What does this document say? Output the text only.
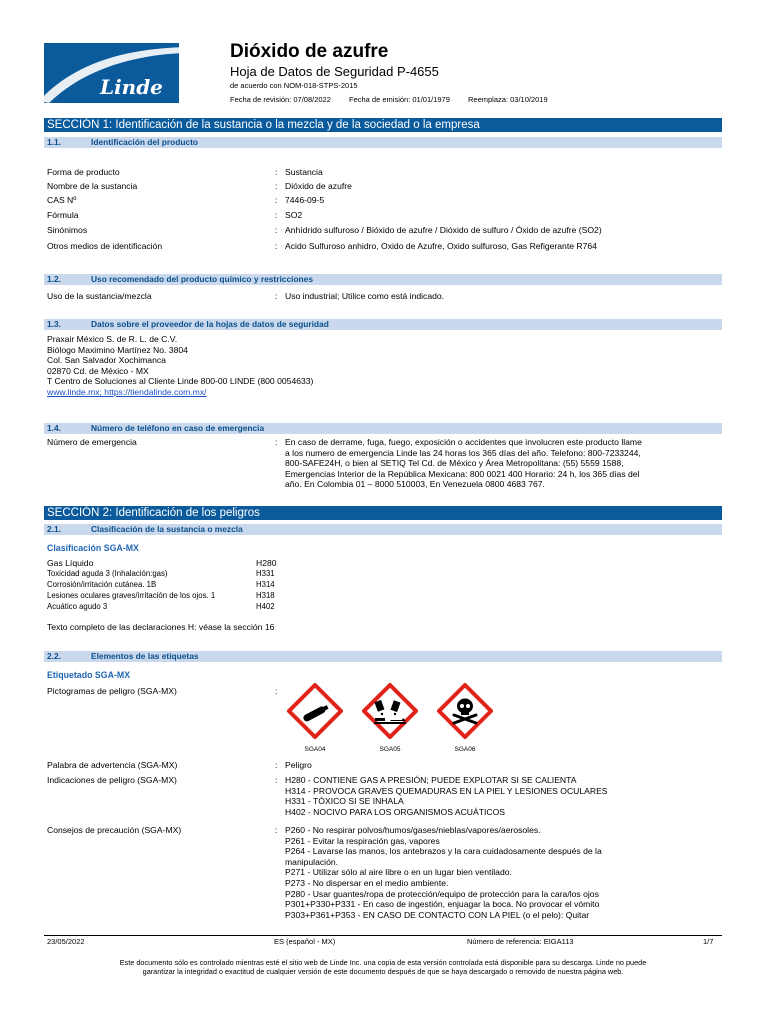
Linde
Dióxido de azufre
Hoja de Datos de Seguridad P-4655
de acuerdo con NOM-018-STPS-2015
Fecha de revisión: 07/08/2022 Fecha de emisión: 01/01/1979 Reemplaza: 03/10/2019
SECCIÓN 1: Identificación de la sustancia o la mezcla y de la sociedad o la empresa
1.1.	Identificación del producto
Forma de producto	: Sustancia
Nombre de la sustancia	: Dióxido de azufre
CAS Nº	: 7446-09-5
Fórmula	: SO2
Sinónimos	: Anhídrido sulfuroso / Bióxido de azufre / Dióxido de sulfuro / Óxido de azufre (SO2)
Otros medios de identificación	: Acido Sulfuroso anhidro, Oxido de Azufre, Oxido sulfuroso, Gas Refigerante R764
1.2.	Uso recomendado del producto químico y restricciones
Uso de la sustancia/mezcla	: Uso industrial; Utilice como está indicado.
1.3.	Datos sobre el proveedor de la hojas de datos de seguridad
Praxair México S. de R. L. de C.V.
Biólogo Maximino Martínez No. 3804
Col. San Salvador Xochimanca
02870 Cd. de México - MX
T Centro de Soluciones al Cliente Linde 800-00 LINDE (800 0054633)
www.linde.mx; https://tiendalinde.com.mx/
1.4.	Número de teléfono en caso de emergencia
Número de emergencia	: En caso de derrame, fuga, fuego, exposición o accidentes que involucren este producto llame
a los numero de emergencia Linde las 24 horas los 365 días del año. Telefono: 800-7233244,
800-SAFE24H, o bien al SETIQ Tel Cd. de México y Área Metropolitana: (55) 5559 1588,
Emergencias Interior de la República Mexicana: 800 0021 400 Horario: 24 h, los 365 días del
año. En Colombia 01 – 8000 510003, En Venezuela 0800 4683 767.
SECCIÓN 2: Identificación de los peligros
2.1.	Clasificación de la sustancia o mezcla
Clasificación SGA-MX
Gas Líquido	H280
Toxicidad aguda 3 (Inhalación:gas)	H331
Corrosión/irritación cutánea. 1B	H314
Lesiones oculares graves/irritación de los ojos. 1	H318
Acuático agudo 3	H402
Texto completo de las declaraciones H: véase la sección 16
2.2.	Elementos de las etiquetas
Etiquetado SGA-MX
Pictogramas de peligro (SGA-MX)	:
SGA04	SGA05	SGA06
Palabra de advertencia (SGA-MX)	: Peligro
Indicaciones de peligro (SGA-MX)	: H280 - CONTIENE GAS A PRESIÓN; PUEDE EXPLOTAR SI SE CALIENTA
H314 - PROVOCA GRAVES QUEMADURAS EN LA PIEL Y LESIONES OCULARES
H331 - TÓXICO SI SE INHALA
H402 - NOCIVO PARA LOS ORGANISMOS ACUÁTICOS
Consejos de precaución (SGA-MX)	: P260 - No respirar polvos/humos/gases/nieblas/vapores/aerosoles.
P261 - Evitar la respiración gas, vapores
P264 - Lavarse las manos, los antebrazos y la cara cuidadosamente después de la
manipulación.
P271 - Utilizar sólo al aire libre o en un lugar bien ventilado.
P273 - No dispersar en el medio ambiente.
P280 - Usar guantes/ropa de protección/equipo de protección para la cara/los ojos
P301+P330+P331 - En caso de ingestión, enjuagar la boca. No provocar el vómito
P303+P361+P353 - EN CASO DE CONTACTO CON LA PIEL (o el pelo): Quitar
23/05/2022	ES (español - MX)	Número de referencia: EIGA113	1/7
Este documento sólo es controlado mientras esté el sitio web de Linde Inc. una copia de esta versión controlada está disponible para su descarga. Linde no puede
garantizar la integridad o exactitud de cualquier versión de este documento después de que se haya descargado o removido de nuestra página web.
